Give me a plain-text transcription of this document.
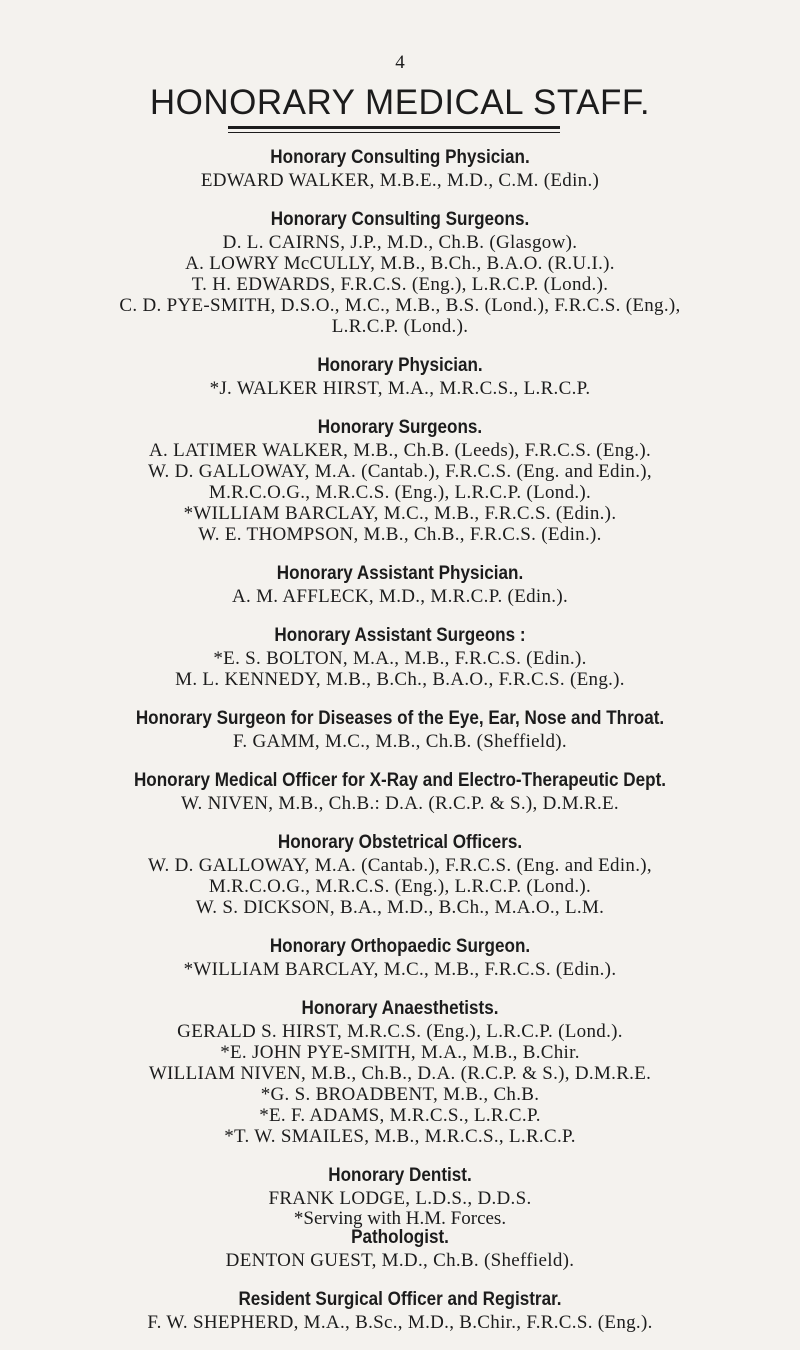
4
HONORARY MEDICAL STAFF.
Honorary Consulting Physician.
EDWARD WALKER, M.B.E., M.D., C.M. (Edin.)
Honorary Consulting Surgeons.
D. L. CAIRNS, J.P., M.D., Ch.B. (Glasgow).
A. LOWRY McCULLY, M.B., B.Ch., B.A.O. (R.U.I.).
T. H. EDWARDS, F.R.C.S. (Eng.), L.R.C.P. (Lond.).
C. D. PYE-SMITH, D.S.O., M.C., M.B., B.S. (Lond.), F.R.C.S. (Eng.),
L.R.C.P. (Lond.).
Honorary Physician.
*J. WALKER HIRST, M.A., M.R.C.S., L.R.C.P.
Honorary Surgeons.
A. LATIMER WALKER, M.B., Ch.B. (Leeds), F.R.C.S. (Eng.).
W. D. GALLOWAY, M.A. (Cantab.), F.R.C.S. (Eng. and Edin.),
M.R.C.O.G., M.R.C.S. (Eng.), L.R.C.P. (Lond.).
*WILLIAM BARCLAY, M.C., M.B., F.R.C.S. (Edin.).
W. E. THOMPSON, M.B., Ch.B., F.R.C.S. (Edin.).
Honorary Assistant Physician.
A. M. AFFLECK, M.D., M.R.C.P. (Edin.).
Honorary Assistant Surgeons :
*E. S. BOLTON, M.A., M.B., F.R.C.S. (Edin.).
M. L. KENNEDY, M.B., B.Ch., B.A.O., F.R.C.S. (Eng.).
Honorary Surgeon for Diseases of the Eye, Ear, Nose and Throat.
F. GAMM, M.C., M.B., Ch.B. (Sheffield).
Honorary Medical Officer for X-Ray and Electro-Therapeutic Dept.
W. NIVEN, M.B., Ch.B.: D.A. (R.C.P. & S.), D.M.R.E.
Honorary Obstetrical Officers.
W. D. GALLOWAY, M.A. (Cantab.), F.R.C.S. (Eng. and Edin.),
M.R.C.O.G., M.R.C.S. (Eng.), L.R.C.P. (Lond.).
W. S. DICKSON, B.A., M.D., B.Ch., M.A.O., L.M.
Honorary Orthopaedic Surgeon.
*WILLIAM BARCLAY, M.C., M.B., F.R.C.S. (Edin.).
Honorary Anaesthetists.
GERALD S. HIRST, M.R.C.S. (Eng.), L.R.C.P. (Lond.).
*E. JOHN PYE-SMITH, M.A., M.B., B.Chir.
WILLIAM NIVEN, M.B., Ch.B., D.A. (R.C.P. & S.), D.M.R.E.
*G. S. BROADBENT, M.B., Ch.B.
*E. F. ADAMS, M.R.C.S., L.R.C.P.
*T. W. SMAILES, M.B., M.R.C.S., L.R.C.P.
Honorary Dentist.
FRANK LODGE, L.D.S., D.D.S.
Pathologist.
DENTON GUEST, M.D., Ch.B. (Sheffield).
Resident Surgical Officer and Registrar.
F. W. SHEPHERD, M.A., B.Sc., M.D., B.Chir., F.R.C.S. (Eng.).
*Serving with H.M. Forces.
